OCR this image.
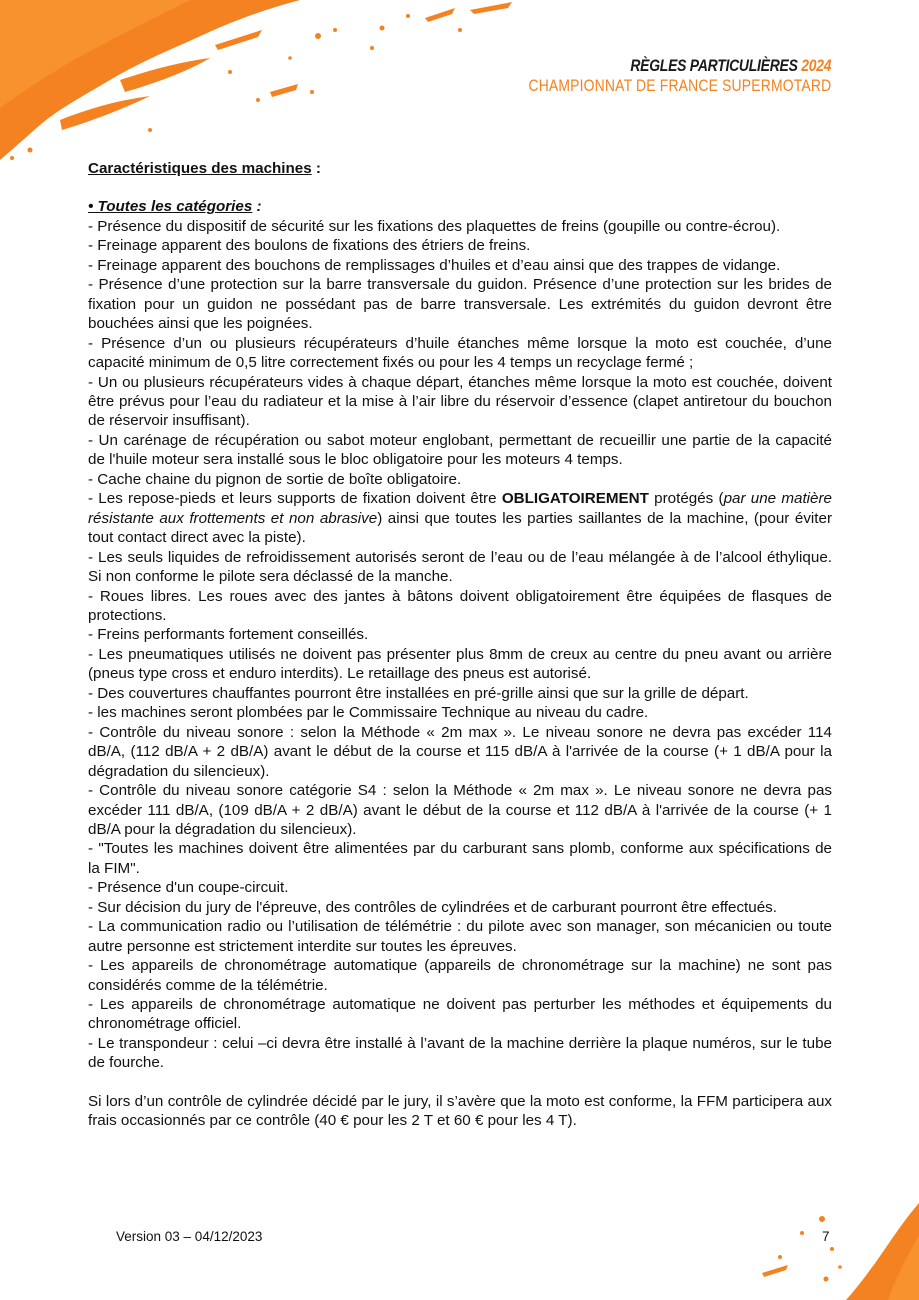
RÈGLES PARTICULIÈRES 2024
CHAMPIONNAT DE FRANCE SUPERMOTARD

Caractéristiques des machines :

• Toutes les catégories :

- Présence du dispositif de sécurité sur les fixations des plaquettes de freins (goupille ou contre-écrou).

- Freinage apparent des boulons de fixations des étriers de freins.

- Freinage apparent des bouchons de remplissages d’huiles et d’eau ainsi que des trappes de vidange.

- Présence d’une protection sur la barre transversale du guidon. Présence d’une protection sur les brides de fixation pour un guidon ne possédant pas de barre transversale. Les extrémités du guidon devront être bouchées ainsi que les poignées.

- Présence d’un ou plusieurs récupérateurs d’huile étanches même lorsque la moto est couchée, d’une capacité minimum de 0,5 litre correctement fixés ou pour les 4 temps un recyclage fermé ;

- Un ou plusieurs récupérateurs vides à chaque départ, étanches même lorsque la moto est couchée, doivent être prévus pour l’eau du radiateur et la mise à l’air libre du réservoir d’essence (clapet antiretour du bouchon de réservoir insuffisant).

- Un carénage de récupération ou sabot moteur englobant, permettant de recueillir une partie de la capacité de l'huile moteur sera installé sous le bloc obligatoire pour les moteurs 4 temps.

- Cache chaine du pignon de sortie de boîte obligatoire.

- Les repose-pieds et leurs supports de fixation doivent être OBLIGATOIREMENT protégés (par une matière résistante aux frottements et non abrasive) ainsi que toutes les parties saillantes de la machine, (pour éviter tout contact direct avec la piste).

- Les seuls liquides de refroidissement autorisés seront de l’eau ou de l’eau mélangée à de l’alcool éthylique. Si non conforme le pilote sera déclassé de la manche.

- Roues libres. Les roues avec des jantes à bâtons doivent obligatoirement être équipées de flasques de protections.

- Freins performants fortement conseillés.

- Les pneumatiques utilisés ne doivent pas présenter plus 8mm de creux au centre du pneu avant ou arrière (pneus type cross et enduro interdits). Le retaillage des pneus est autorisé.

- Des couvertures chauffantes pourront être installées en pré-grille ainsi que sur la grille de départ.

- les machines seront plombées par le Commissaire Technique au niveau du cadre.

- Contrôle du niveau sonore : selon la Méthode « 2m max ». Le niveau sonore ne devra pas excéder 114 dB/A, (112 dB/A + 2 dB/A) avant le début de la course et 115 dB/A à l'arrivée de la course (+ 1 dB/A pour la dégradation du silencieux).

- Contrôle du niveau sonore catégorie S4 : selon la Méthode « 2m max ». Le niveau sonore ne devra pas excéder 111 dB/A, (109 dB/A + 2 dB/A) avant le début de la course et 112 dB/A à l'arrivée de la course (+ 1 dB/A pour la dégradation du silencieux).

- "Toutes les machines doivent être alimentées par du carburant sans plomb, conforme aux spécifications de la FIM".

- Présence d'un coupe-circuit.

- Sur décision du jury de l'épreuve, des contrôles de cylindrées et de carburant pourront être effectués.

- La communication radio ou l’utilisation de télémétrie : du pilote avec son manager, son mécanicien ou toute autre personne est strictement interdite sur toutes les épreuves.

- Les appareils de chronométrage automatique (appareils de chronométrage sur la machine) ne sont pas considérés comme de la télémétrie.

- Les appareils de chronométrage automatique ne doivent pas perturber les méthodes et équipements du chronométrage officiel.

- Le transpondeur : celui –ci devra être installé à l’avant de la machine derrière la plaque numéros, sur le tube de fourche.

Si lors d’un contrôle de cylindrée décidé par le jury, il s’avère que la moto est conforme, la FFM participera aux frais occasionnés par ce contrôle (40 € pour les 2 T et 60 € pour les 4 T).

Version 03 – 04/12/2023	7
